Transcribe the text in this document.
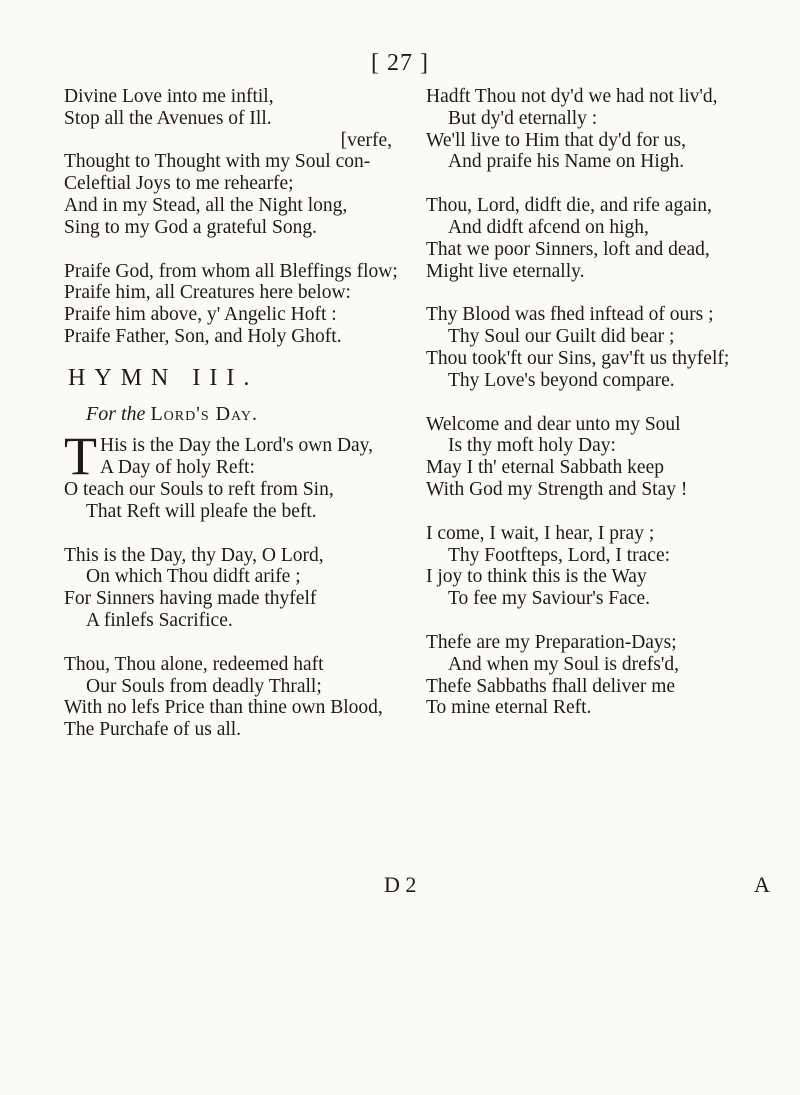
[ 27 ]
Divine Love into me inftil,
Stop all the Avenues of Ill.
[verfe,
Thought to Thought with my Soul con-
Celeftial Joys to me rehearfe;
And in my Stead, all the Night long,
Sing to my God a grateful Song.
Praife God, from whom all Bleffings flow;
Praife him, all Creatures here below:
Praife him above, y' Angelic Hoft :
Praife Father, Son, and Holy Ghoft.
HYMN III.
For the Lord's Day.
T His is the Day the Lord's own Day,
A Day of holy Reft:
O teach our Souls to reft from Sin,
That Reft will pleafe the beft.
This is the Day, thy Day, O Lord,
On which Thou didft arife ;
For Sinners having made thyfelf
A finlefs Sacrifice.
Thou, Thou alone, redeemed haft
Our Souls from deadly Thrall;
With no lefs Price than thine own Blood,
The Purchafe of us all.
Hadft Thou not dy'd we had not liv'd,
But dy'd eternally :
We'll live to Him that dy'd for us,
And praife his Name on High.
Thou, Lord, didft die, and rife again,
And didft afcend on high,
That we poor Sinners, loft and dead,
Might live eternally.
Thy Blood was fhed inftead of ours ;
Thy Soul our Guilt did bear ;
Thou took'ft our Sins, gav'ft us thyfelf;
Thy Love's beyond compare.
Welcome and dear unto my Soul
Is thy moft holy Day:
May I th' eternal Sabbath keep
With God my Strength and Stay !
I come, I wait, I hear, I pray ;
Thy Footfteps, Lord, I trace:
I joy to think this is the Way
To fee my Saviour's Face.
Thefe are my Preparation-Days;
And when my Soul is drefs'd,
Thefe Sabbaths fhall deliver me
To mine eternal Reft.
D 2	A
